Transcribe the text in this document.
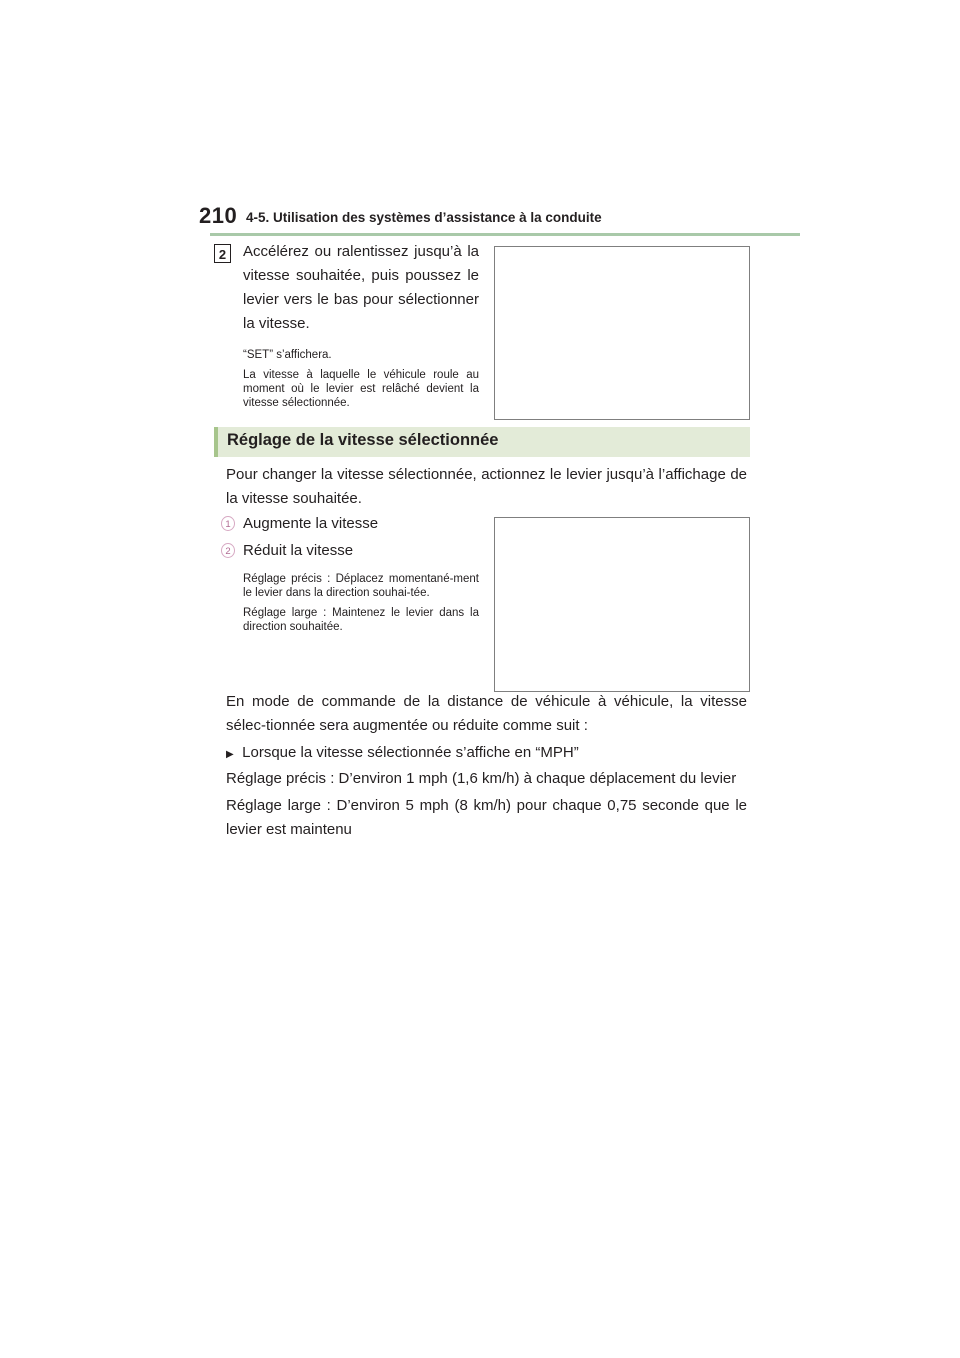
210 4-5. Utilisation des systèmes d’assistance à la conduite
2	Accélérez ou ralentissez jusqu’à la vitesse souhaitée, puis poussez le levier vers le bas pour sélectionner la vitesse.
“SET” s’affichera.
La vitesse à laquelle le véhicule roule au moment où le levier est relâché devient la vitesse sélectionnée.
Réglage de la vitesse sélectionnée
Pour changer la vitesse sélectionnée, actionnez le levier jusqu’à l’affichage de la vitesse souhaitée.
1 Augmente la vitesse
2 Réduit la vitesse
Réglage précis : Déplacez momentané-ment le levier dans la direction souhai-tée.
Réglage large : Maintenez le levier dans la direction souhaitée.
En mode de commande de la distance de véhicule à véhicule, la vitesse sélec-tionnée sera augmentée ou réduite comme suit :
▶ Lorsque la vitesse sélectionnée s’affiche en “MPH”
Réglage précis : D’environ 1 mph (1,6 km/h) à chaque déplacement du levier
Réglage large : D’environ 5 mph (8 km/h) pour chaque 0,75 seconde que le levier est maintenu
